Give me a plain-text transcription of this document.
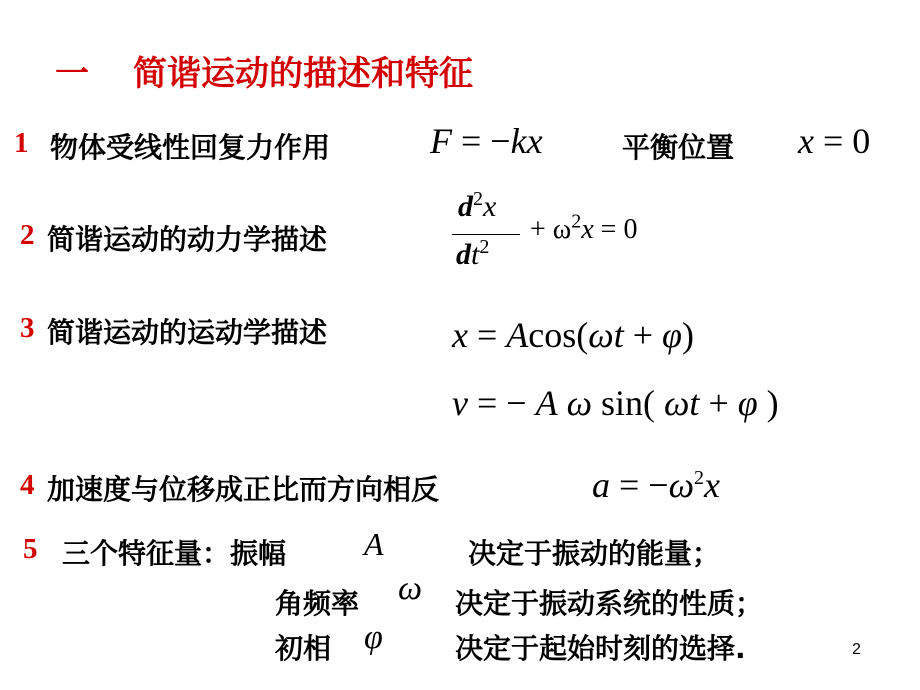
一 简谐运动的描述和特征
1 物体受线性回复力作用	F = −kx	平衡位置 x = 0
2 简谐运动的动力学描述
$d^2x$
$dt^2$
+ $\omega^2x = 0$
3 简谐运动的运动学描述	x = Acos(ωt + φ)
v = − A ω sin( ωt + φ )
4 加速度与位移成正比而方向相反	$a = -\omega^2x$
5 三个特征量：振幅 A	决定于振动的能量；
角频率 ω 决定于振动系统的性质；
初相 φ	决定于起始时刻的选择.	2
